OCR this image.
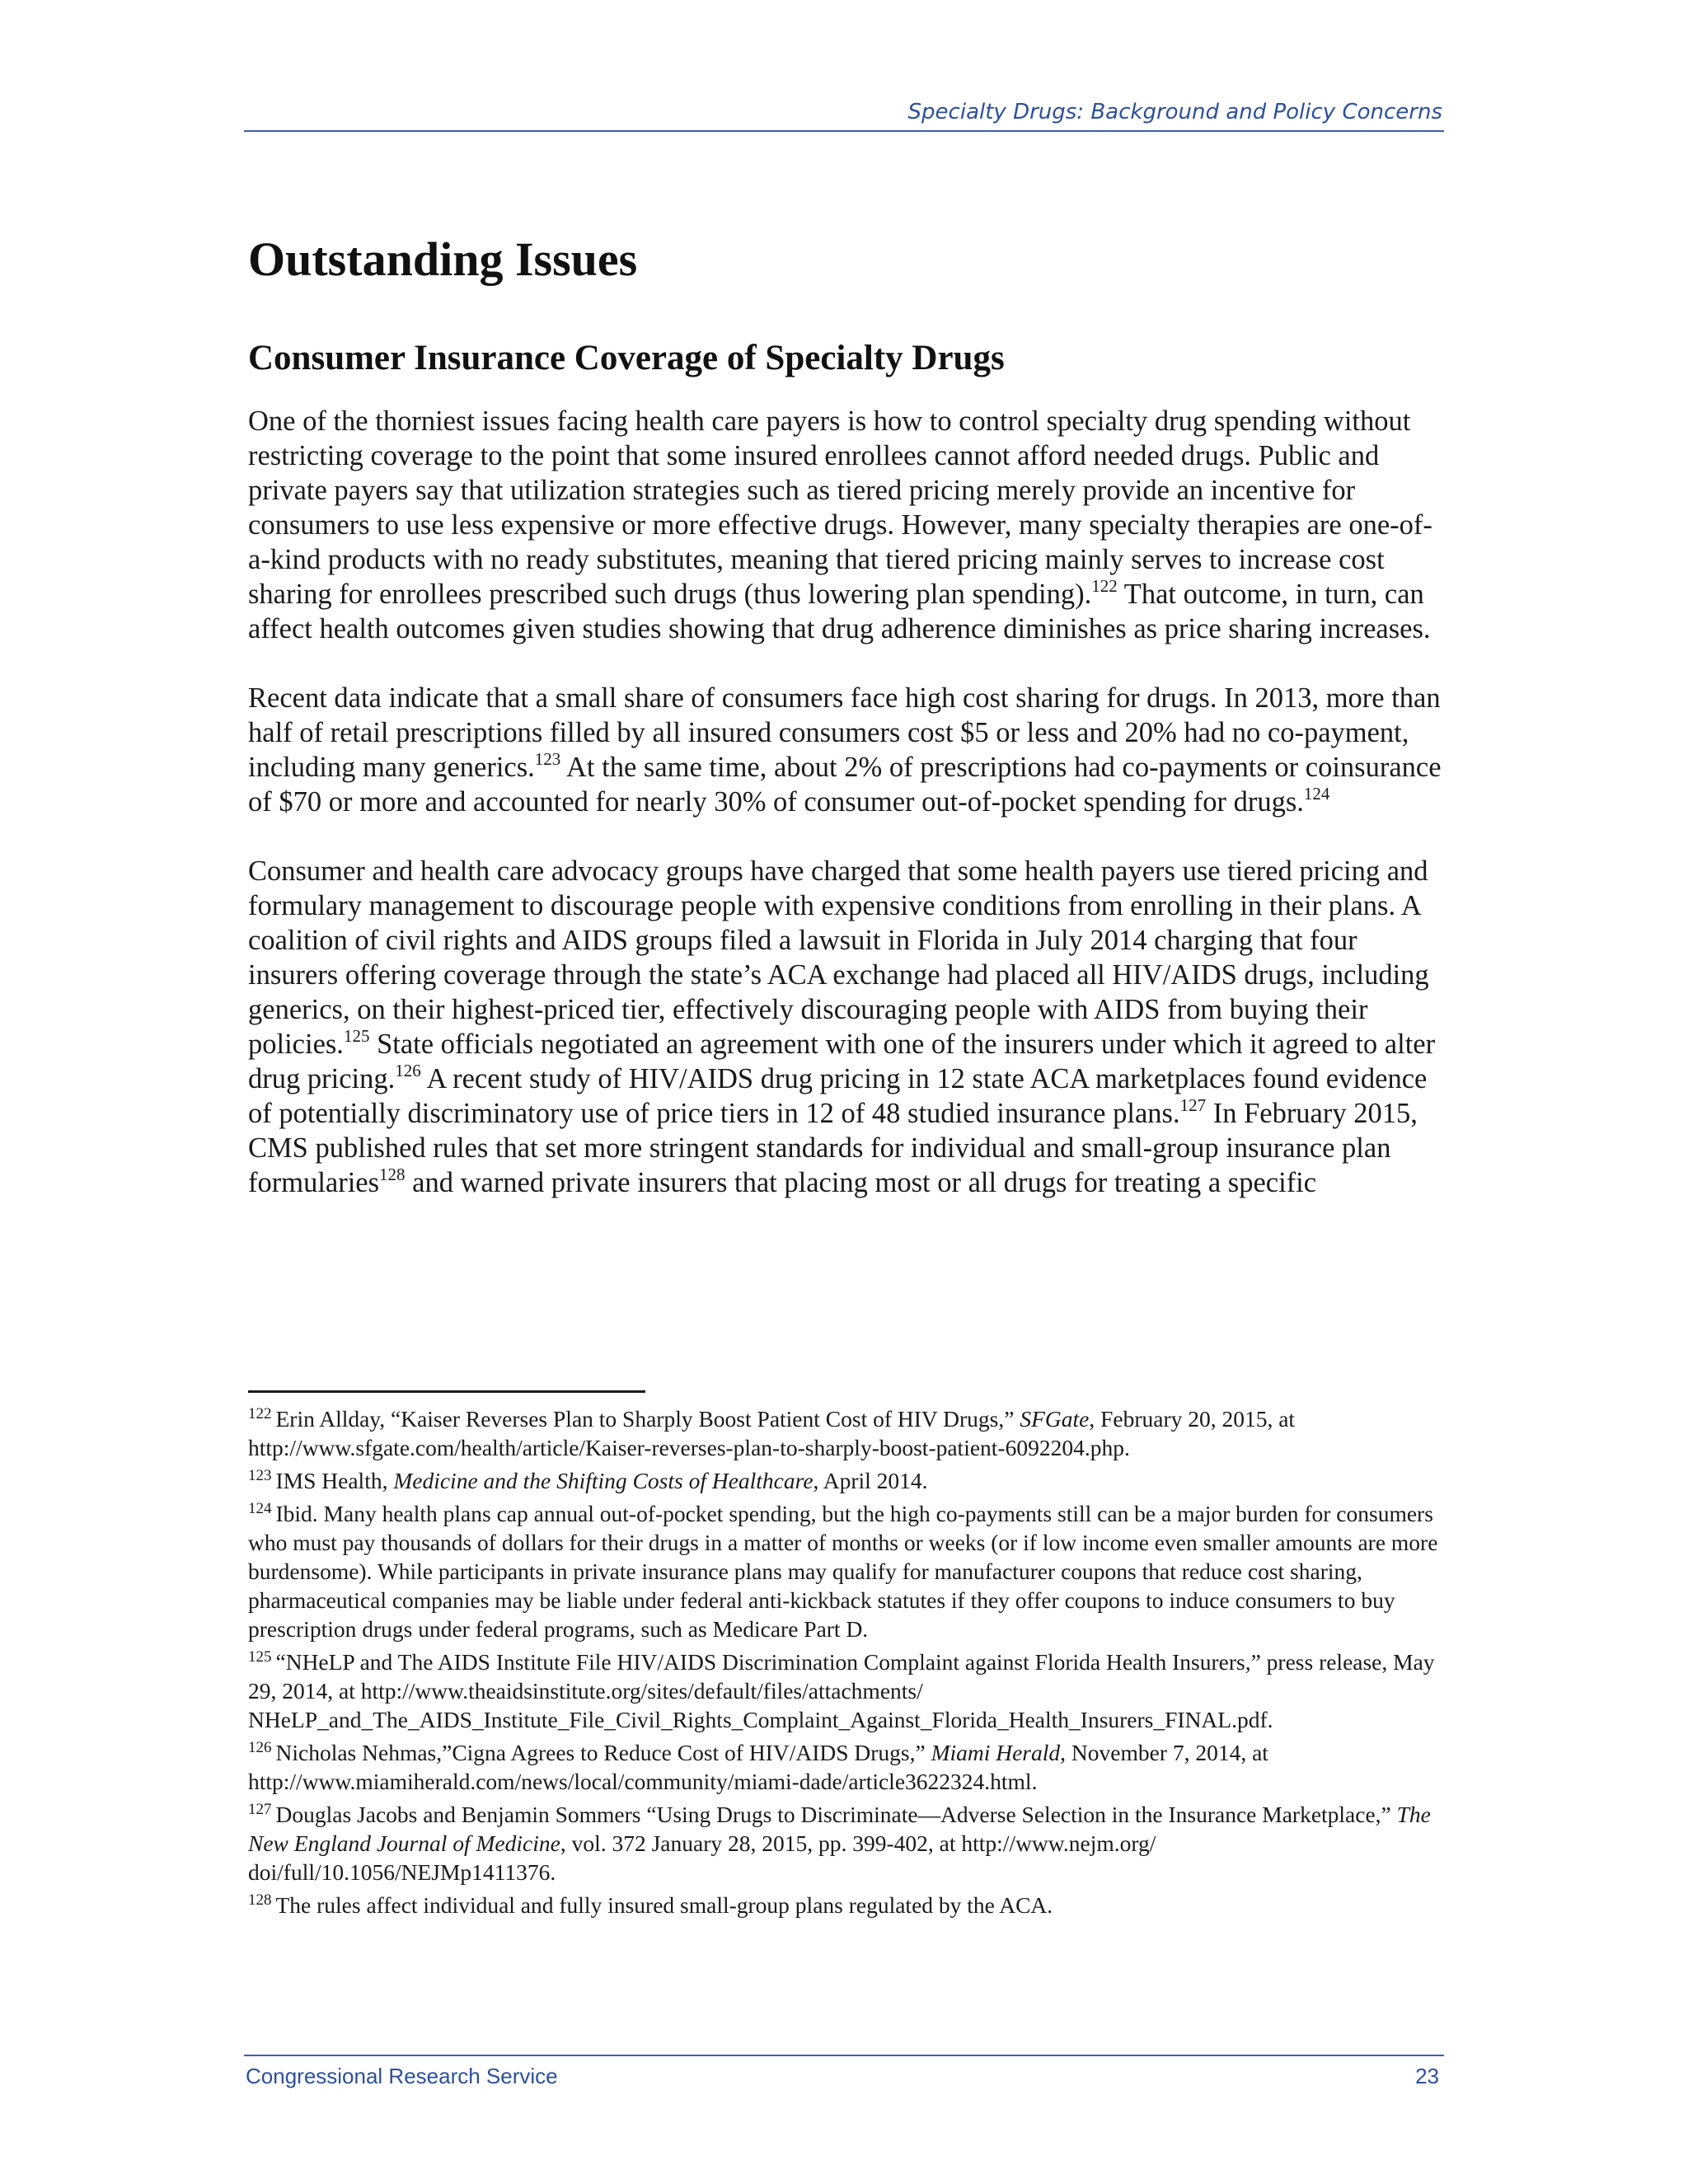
Specialty Drugs: Background and Policy Concerns
Outstanding Issues
Consumer Insurance Coverage of Specialty Drugs

One of the thorniest issues facing health care payers is how to control specialty drug spending without restricting coverage to the point that some insured enrollees cannot afford needed drugs. Public and private payers say that utilization strategies such as tiered pricing merely provide an incentive for consumers to use less expensive or more effective drugs. However, many specialty therapies are one-of-a-kind products with no ready substitutes, meaning that tiered pricing mainly serves to increase cost sharing for enrollees prescribed such drugs (thus lowering plan spending).$^{122}$ That outcome, in turn, can affect health outcomes given studies showing that drug adherence diminishes as price sharing increases.

Recent data indicate that a small share of consumers face high cost sharing for drugs. In 2013, more than half of retail prescriptions filled by all insured consumers cost $5 or less and 20% had no co-payment, including many generics.$^{123}$ At the same time, about 2% of prescriptions had co-payments or coinsurance of $70 or more and accounted for nearly 30% of consumer out-of-pocket spending for drugs.$^{124}$

Consumer and health care advocacy groups have charged that some health payers use tiered pricing and formulary management to discourage people with expensive conditions from enrolling in their plans. A coalition of civil rights and AIDS groups filed a lawsuit in Florida in July 2014 charging that four insurers offering coverage through the state’s ACA exchange had placed all HIV/AIDS drugs, including generics, on their highest-priced tier, effectively discouraging people with AIDS from buying their policies.$^{125}$ State officials negotiated an agreement with one of the insurers under which it agreed to alter drug pricing.$^{126}$ A recent study of HIV/AIDS drug pricing in 12 state ACA marketplaces found evidence of potentially discriminatory use of price tiers in 12 of 48 studied insurance plans.$^{127}$ In February 2015, CMS published rules that set more stringent standards for individual and small-group insurance plan formularies$^{128}$ and warned private insurers that placing most or all drugs for treating a specific

$^{122}$ Erin Allday, “Kaiser Reverses Plan to Sharply Boost Patient Cost of HIV Drugs,” SFGate, February 20, 2015, at http://www.sfgate.com/health/article/Kaiser-reverses-plan-to-sharply-boost-patient-6092204.php.

$^{123}$ IMS Health, Medicine and the Shifting Costs of Healthcare, April 2014.

$^{124}$ Ibid. Many health plans cap annual out-of-pocket spending, but the high co-payments still can be a major burden for consumers who must pay thousands of dollars for their drugs in a matter of months or weeks (or if low income even smaller amounts are more burdensome). While participants in private insurance plans may qualify for manufacturer coupons that reduce cost sharing, pharmaceutical companies may be liable under federal anti-kickback statutes if they offer coupons to induce consumers to buy prescription drugs under federal programs, such as Medicare Part D.

$^{125}$ “NHeLP and The AIDS Institute File HIV/AIDS Discrimination Complaint against Florida Health Insurers,” press release, May 29, 2014, at http://www.theaidsinstitute.org/sites/default/files/attachments/ NHeLP_and_The_AIDS_Institute_File_Civil_Rights_Complaint_Against_Florida_Health_Insurers_FINAL.pdf.

$^{126}$ Nicholas Nehmas,”Cigna Agrees to Reduce Cost of HIV/AIDS Drugs,” Miami Herald, November 7, 2014, at http://www.miamiherald.com/news/local/community/miami-dade/article3622324.html.

$^{127}$ Douglas Jacobs and Benjamin Sommers “Using Drugs to Discriminate—Adverse Selection in the Insurance Marketplace,” The New England Journal of Medicine, vol. 372 January 28, 2015, pp. 399-402, at http://www.nejm.org/ doi/full/10.1056/NEJMp1411376.

$^{128}$ The rules affect individual and fully insured small-group plans regulated by the ACA.

Congressional Research Service	23
